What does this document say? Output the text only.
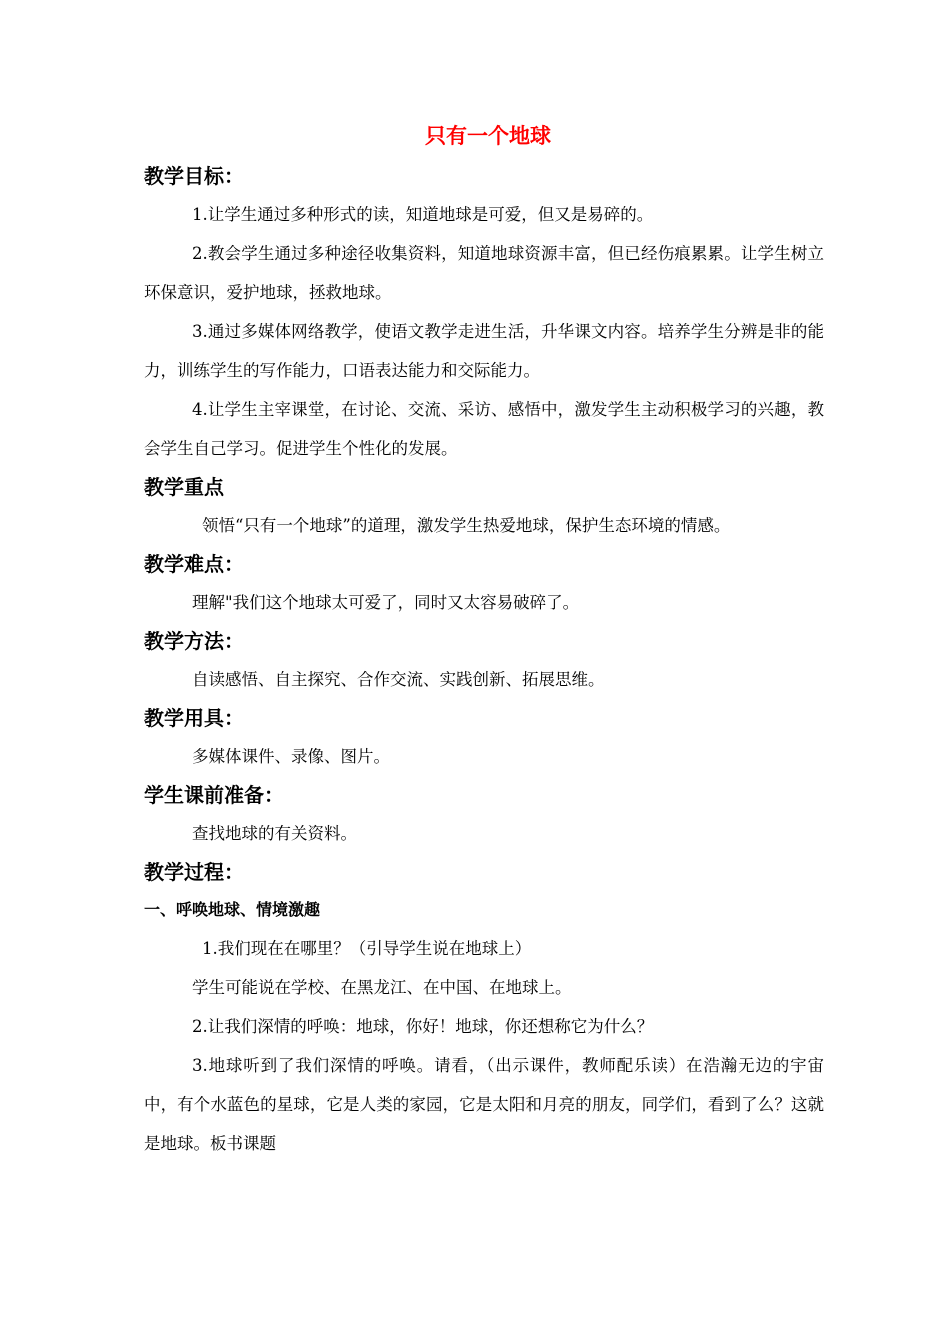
只有一个地球
教学目标：

1.让学生通过多种形式的读，知道地球是可爱，但又是易碎的。

2.教会学生通过多种途径收集资料，知道地球资源丰富，但已经伤痕累累。让学生树立环保意识，爱护地球，拯救地球。

3.通过多媒体网络教学，使语文教学走进生活，升华课文内容。培养学生分辨是非的能力，训练学生的写作能力，口语表达能力和交际能力。

4.让学生主宰课堂，在讨论、交流、采访、感悟中，激发学生主动积极学习的兴趣，教会学生自己学习。促进学生个性化的发展。

教学重点

领悟“只有一个地球”的道理，激发学生热爱地球，保护生态环境的情感。

教学难点：

理解"我们这个地球太可爱了，同时又太容易破碎了。

教学方法：

自读感悟、自主探究、合作交流、实践创新、拓展思维。

教学用具：

多媒体课件、录像、图片。

学生课前准备：

查找地球的有关资料。

教学过程：
一、呼唤地球、情境激趣

1.我们现在在哪里？（引导学生说在地球上）

学生可能说在学校、在黑龙江、在中国、在地球上。

2.让我们深情的呼唤：地球，你好！地球，你还想称它为什么？

3.地球听到了我们深情的呼唤。请看，（出示课件，教师配乐读）在浩瀚无边的宇宙中，有个水蓝色的星球，它是人类的家园，它是太阳和月亮的朋友，同学们，看到了么？这就是地球。板书课题
